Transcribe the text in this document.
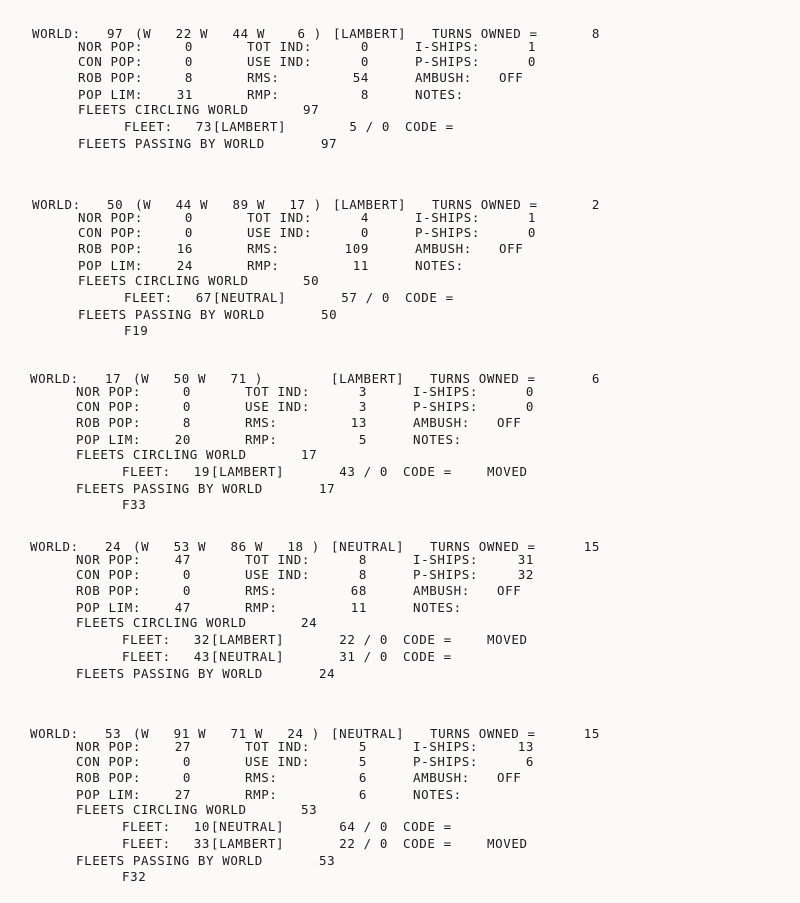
WORLD: 97 (W   22 W   44 W    6 ) [LAMBERT] TURNS OWNED =	8
NOR POP:	0	TOT IND:	0	I-SHIPS:	1
CON POP:	0	USE IND:	0	P-SHIPS:	0
ROB POP:	8	RMS:	54	AMBUSH: OFF
POP LIM:	31	RMP:	8	NOTES:
FLEETS CIRCLING WORLD	97
FLEET: 73 [LAMBERT]	5 / 0 CODE =
FLEETS PASSING BY WORLD	97
WORLD: 50 (W   44 W   89 W   17 ) [LAMBERT] TURNS OWNED =	2
NOR POP:	0	TOT IND:	4	I-SHIPS:	1
CON POP:	0	USE IND:	0	P-SHIPS:	0
ROB POP:	16	RMS:	109	AMBUSH: OFF
POP LIM:	24	RMP:	11	NOTES:
FLEETS CIRCLING WORLD	50
FLEET: 67 [NEUTRAL]	57 / 0 CODE =
FLEETS PASSING BY WORLD	50
F19
WORLD: 17 (W   50 W   71 )	[LAMBERT] TURNS OWNED =	6
NOR POP:	0	TOT IND:	3	I-SHIPS:	0
CON POP:	0	USE IND:	3	P-SHIPS:	0
ROB POP:	8	RMS:	13	AMBUSH: OFF
POP LIM:	20	RMP:	5	NOTES:
FLEETS CIRCLING WORLD	17
FLEET: 19 [LAMBERT]	43 / 0 CODE =	MOVED
FLEETS PASSING BY WORLD	17
F33
WORLD: 24 (W   53 W   86 W   18 ) [NEUTRAL] TURNS OWNED =	15
NOR POP:	47	TOT IND:	8	I-SHIPS:	31
CON POP:	0	USE IND:	8	P-SHIPS:	32
ROB POP:	0	RMS:	68	AMBUSH: OFF
POP LIM:	47	RMP:	11	NOTES:
FLEETS CIRCLING WORLD	24
FLEET: 32 [LAMBERT]	22 / 0 CODE =	MOVED
FLEET: 43 [NEUTRAL]	31 / 0 CODE =
FLEETS PASSING BY WORLD	24
WORLD: 53 (W   91 W   71 W   24 ) [NEUTRAL] TURNS OWNED =	15
NOR POP:	27	TOT IND:	5	I-SHIPS:	13
CON POP:	0	USE IND:	5	P-SHIPS:	6
ROB POP:	0	RMS:	6	AMBUSH: OFF
POP LIM:	27	RMP:	6	NOTES:
FLEETS CIRCLING WORLD	53
FLEET: 10 [NEUTRAL]	64 / 0 CODE =
FLEET: 33 [LAMBERT]	22 / 0 CODE =	MOVED
FLEETS PASSING BY WORLD	53
F32
